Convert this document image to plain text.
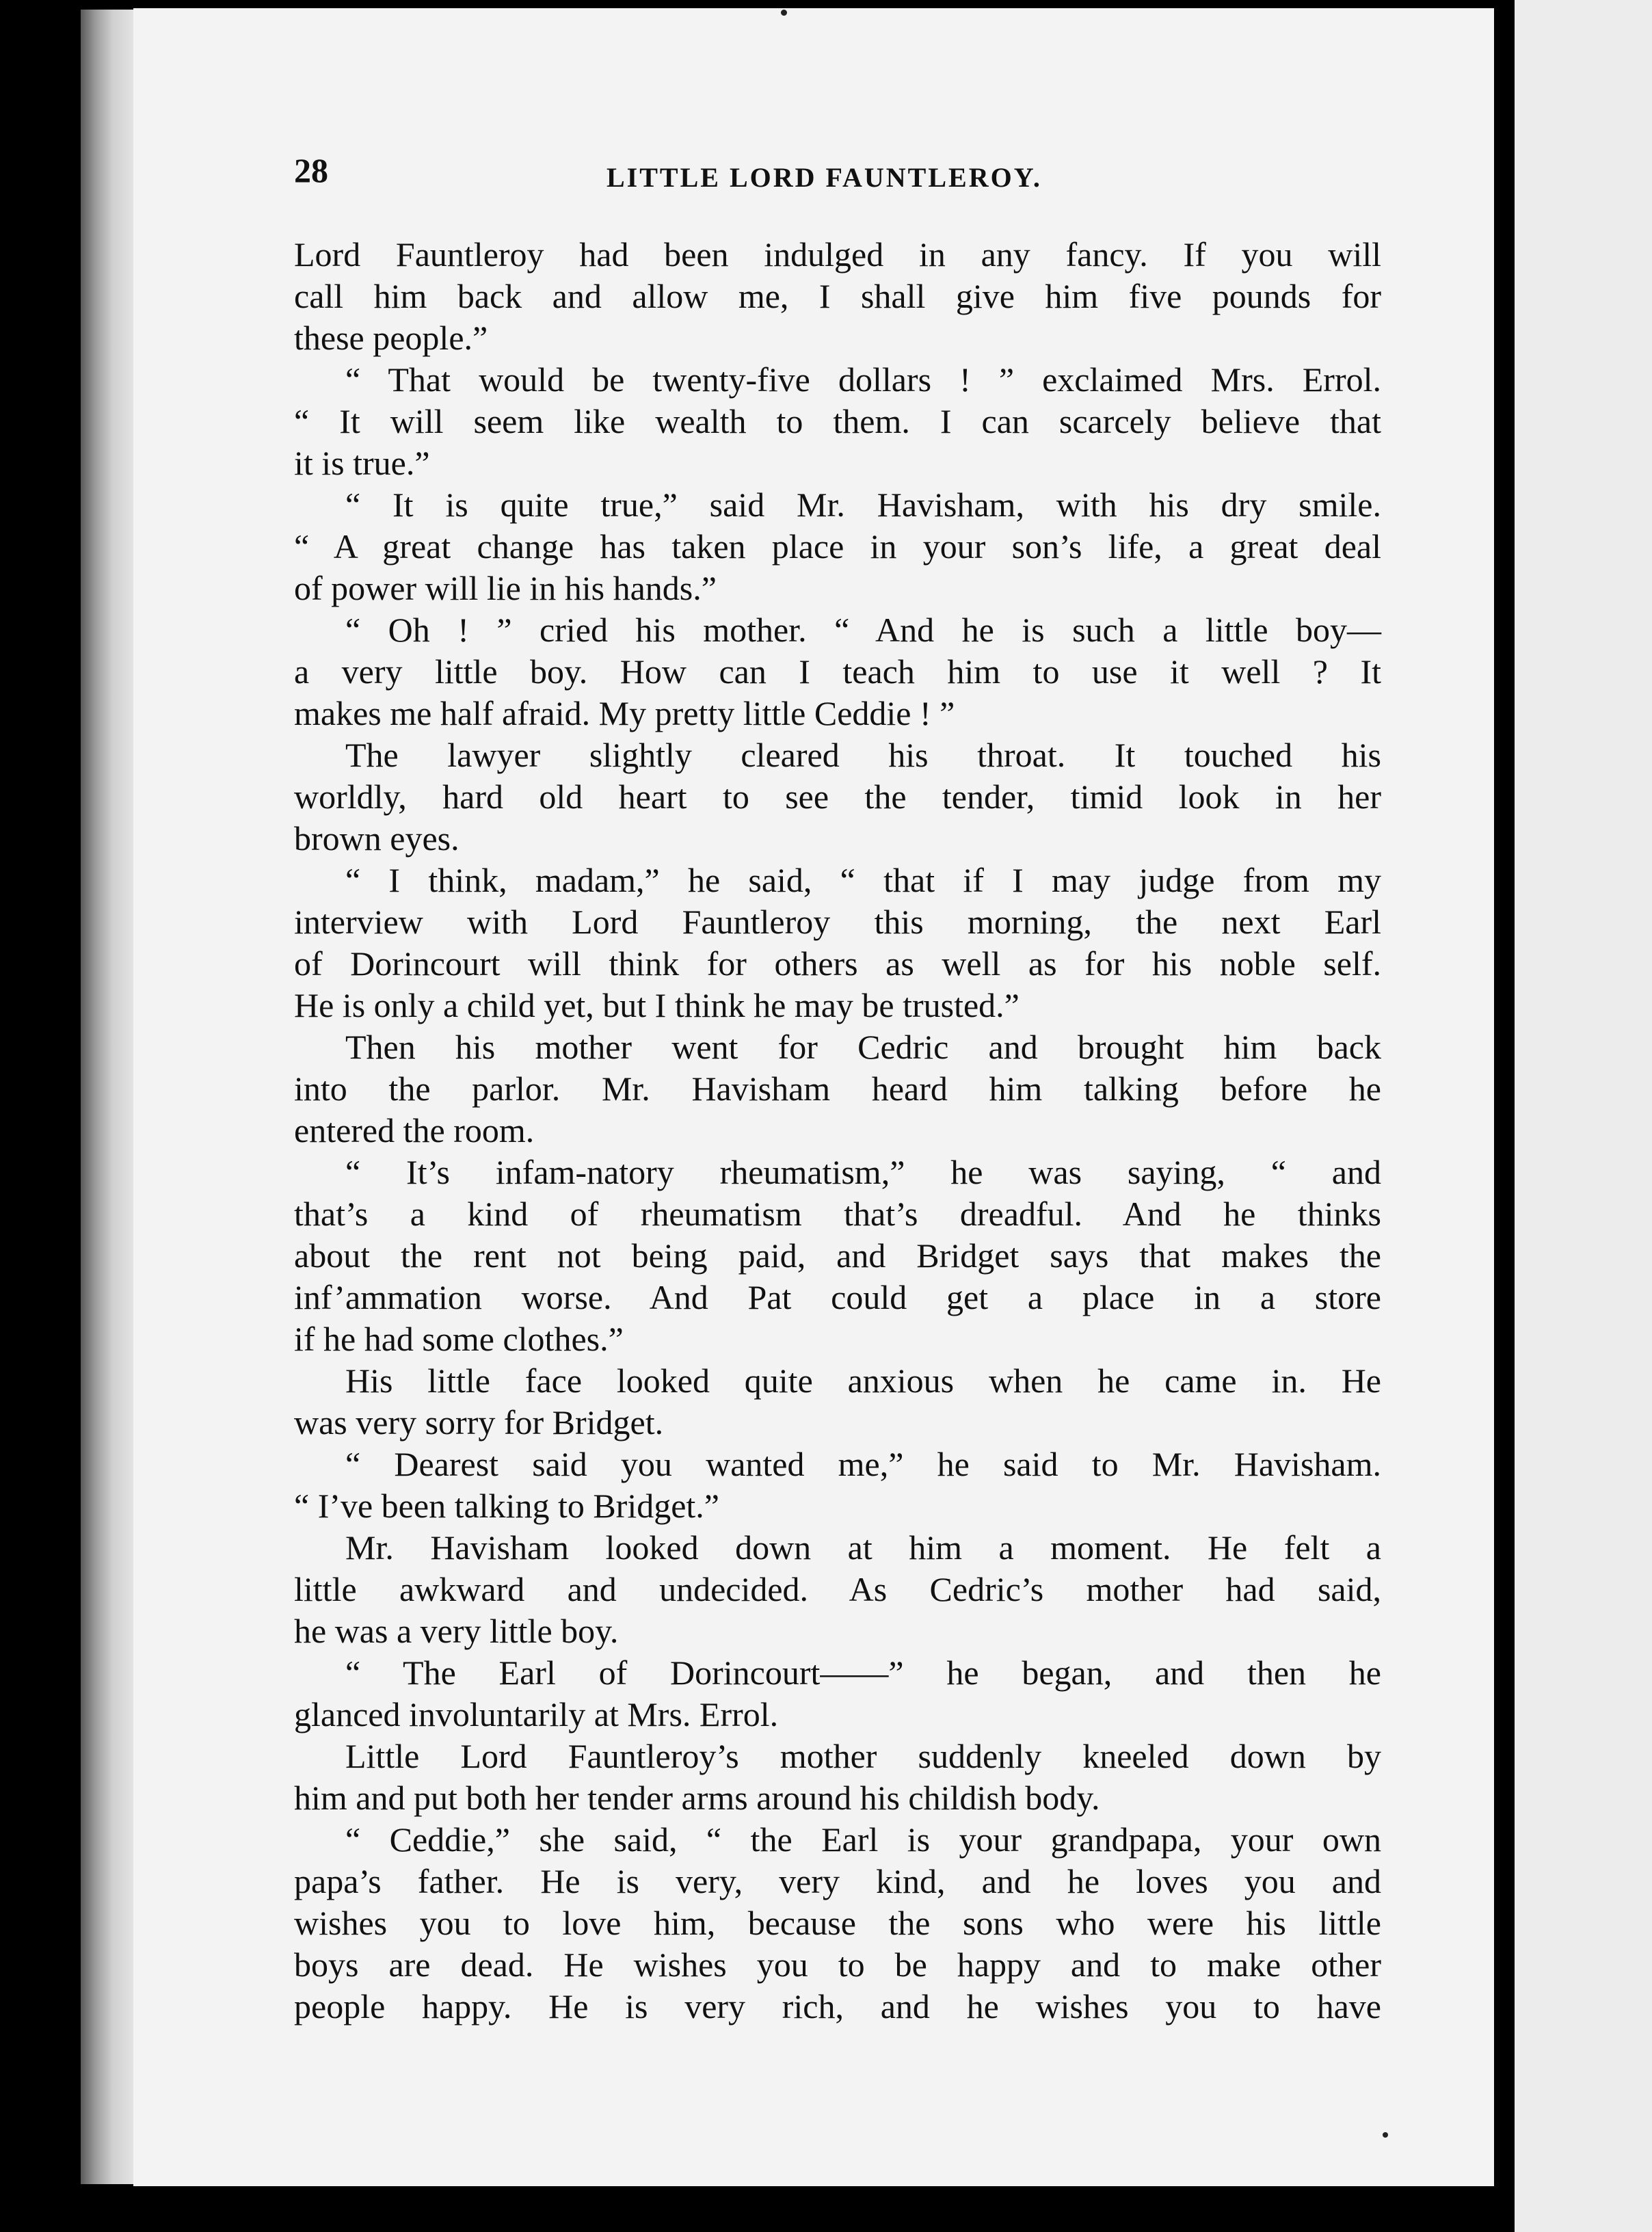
28	LITTLE LORD FAUNTLEROY.
Lord Fauntleroy had been indulged in any fancy. If you will
call him back and allow me, I shall give him five pounds for
these people.”
“ That would be twenty-five dollars ! ” exclaimed Mrs. Errol.
“ It will seem like wealth to them. I can scarcely believe that
it is true.”
“ It is quite true,” said Mr. Havisham, with his dry smile.
“ A great change has taken place in your son’s life, a great deal
of power will lie in his hands.”
“ Oh ! ” cried his mother. “ And he is such a little boy—
a very little boy. How can I teach him to use it well ? It
makes me half afraid. My pretty little Ceddie ! ”
The lawyer slightly cleared his throat. It touched his
worldly, hard old heart to see the tender, timid look in her
brown eyes.
“ I think, madam,” he said, “ that if I may judge from my
interview with Lord Fauntleroy this morning, the next Earl
of Dorincourt will think for others as well as for his noble self.
He is only a child yet, but I think he may be trusted.”
Then his mother went for Cedric and brought him back
into the parlor. Mr. Havisham heard him talking before he
entered the room.
“ It’s infam-natory rheumatism,” he was saying, “ and
that’s a kind of rheumatism that’s dreadful. And he thinks
about the rent not being paid, and Bridget says that makes the
inf’ammation worse. And Pat could get a place in a store
if he had some clothes.”
His little face looked quite anxious when he came in. He
was very sorry for Bridget.
“ Dearest said you wanted me,” he said to Mr. Havisham.
“ I’ve been talking to Bridget.”
Mr. Havisham looked down at him a moment. He felt a
little awkward and undecided. As Cedric’s mother had said,
he was a very little boy.
“ The Earl of Dorincourt——” he began, and then he
glanced involuntarily at Mrs. Errol.
Little Lord Fauntleroy’s mother suddenly kneeled down by
him and put both her tender arms around his childish body.
“ Ceddie,” she said, “ the Earl is your grandpapa, your own
papa’s father. He is very, very kind, and he loves you and
wishes you to love him, because the sons who were his little
boys are dead. He wishes you to be happy and to make other
people happy. He is very rich, and he wishes you to have
